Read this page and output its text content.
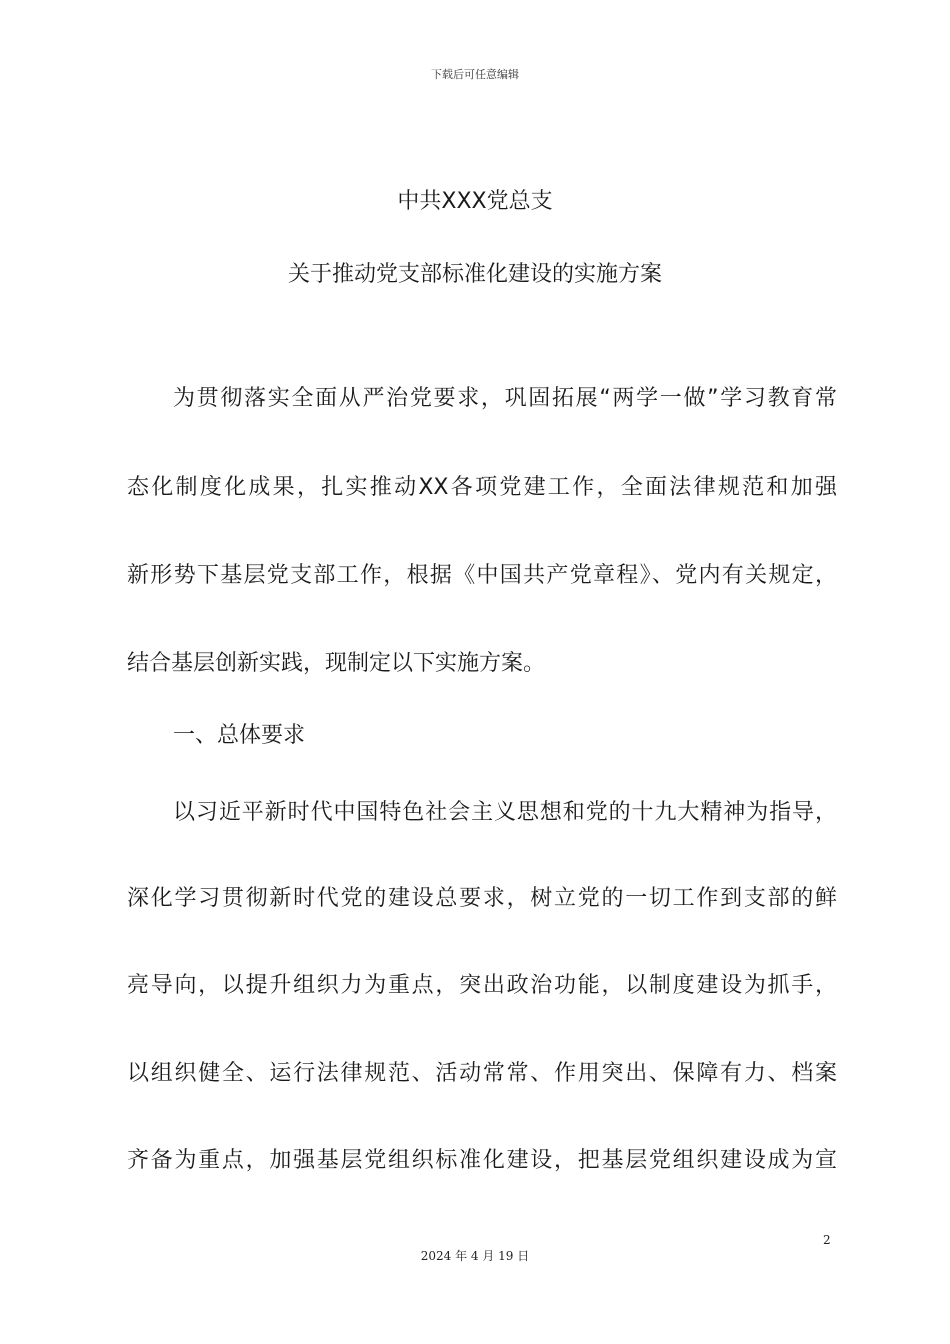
下载后可任意编辑
中共XXX党总支
关于推动党支部标准化建设的实施方案
为贯彻落实全面从严治党要求，巩固拓展“两学一做”学习教育常
态化制度化成果，扎实推动XX各项党建工作，全面法律规范和加强
新形势下基层党支部工作，根据《中国共产党章程》、党内有关规定，
结合基层创新实践，现制定以下实施方案。
一、总体要求
以习近平新时代中国特色社会主义思想和党的十九大精神为指导，
深化学习贯彻新时代党的建设总要求，树立党的一切工作到支部的鲜
亮导向，以提升组织力为重点，突出政治功能，以制度建设为抓手，
以组织健全、运行法律规范、活动常常、作用突出、保障有力、档案
齐备为重点，加强基层党组织标准化建设，把基层党组织建设成为宣
2
2024 年 4 月 19 日
